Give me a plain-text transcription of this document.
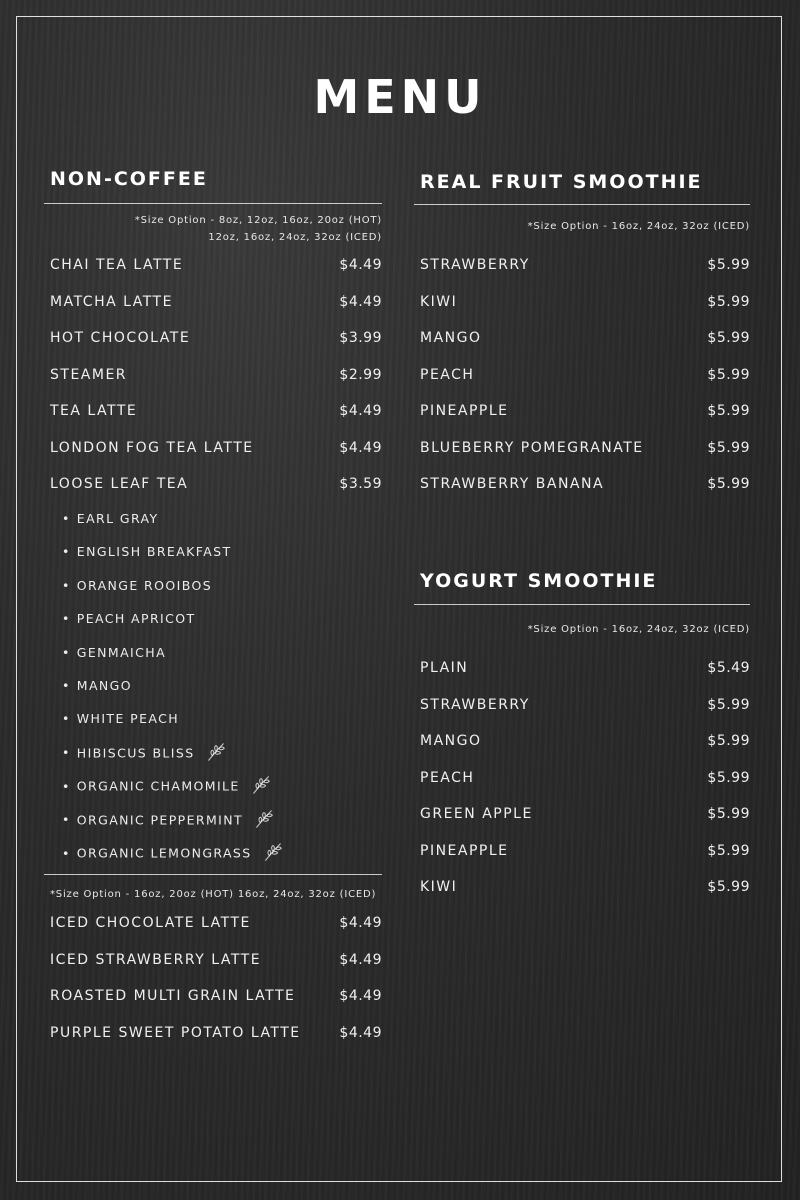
MENU
NON-COFFEE
*Size Option - 8oz, 12oz, 16oz, 20oz (HOT)
12oz, 16oz, 24oz, 32oz (ICED)
CHAI TEA LATTE	$4.49
MATCHA LATTE	$4.49
HOT CHOCOLATE	$3.99
STEAMER	$2.99
TEA LATTE	$4.49
LONDON FOG TEA LATTE	$4.49
LOOSE LEAF TEA	$3.59
• EARL GRAY
• ENGLISH BREAKFAST
• ORANGE ROOIBOS
• PEACH APRICOT
• GENMAICHA
• MANGO
• WHITE PEACH
• HIBISCUS BLISS
• ORGANIC CHAMOMILE
• ORGANIC PEPPERMINT
• ORGANIC LEMONGRASS
*Size Option - 16oz, 20oz (HOT) 16oz, 24oz, 32oz (ICED)
ICED CHOCOLATE LATTE	$4.49
ICED STRAWBERRY LATTE	$4.49
ROASTED MULTI GRAIN LATTE	$4.49
PURPLE SWEET POTATO LATTE	$4.49
REAL FRUIT SMOOTHIE
*Size Option - 16oz, 24oz, 32oz (ICED)
STRAWBERRY	$5.99
KIWI	$5.99
MANGO	$5.99
PEACH	$5.99
PINEAPPLE	$5.99
BLUEBERRY POMEGRANATE	$5.99
STRAWBERRY BANANA	$5.99
YOGURT SMOOTHIE
*Size Option - 16oz, 24oz, 32oz (ICED)
PLAIN	$5.49
STRAWBERRY	$5.99
MANGO	$5.99
PEACH	$5.99
GREEN APPLE	$5.99
PINEAPPLE	$5.99
KIWI	$5.99
